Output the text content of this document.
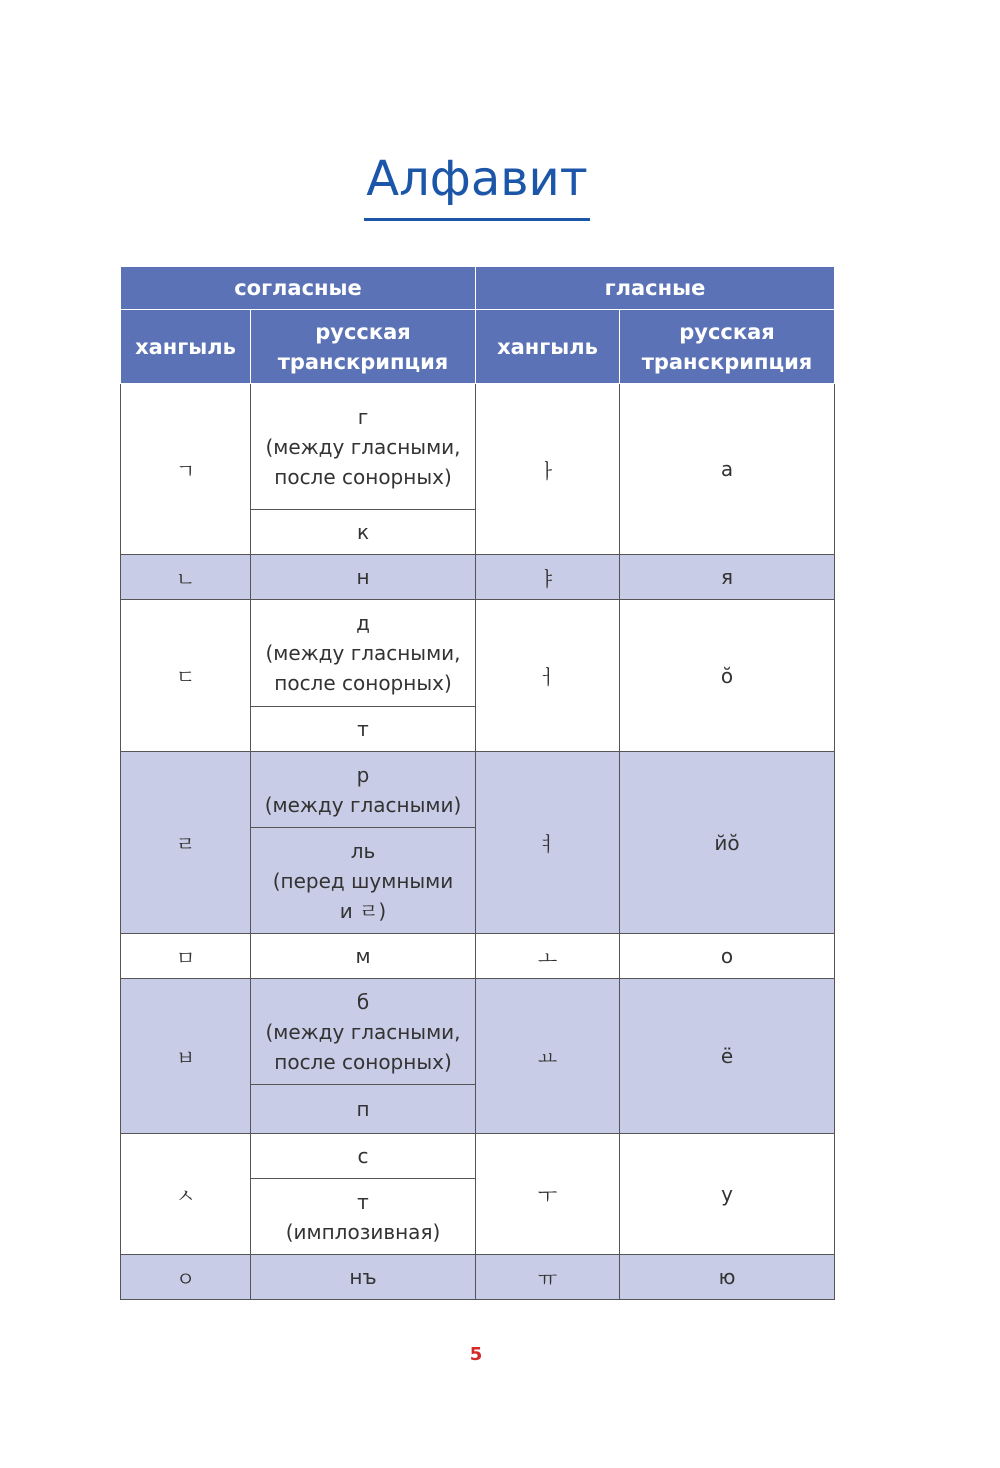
Алфавит
согласные		гласные	
хангыль	русская транскрипция	хангыль	русская транскрипция
ㄱ	г
(между гласными,
после сонорных)	ㅏ	а

	к		

ㄴ	н	ㅑ	я
ㄷ	д
(между гласными,
после сонорных)	ㅓ	ŏ

	т		

ㄹ	р
(между гласными)	ㅕ	йŏ

	ль
(перед шумными
и ㄹ)		

ㅁ	м	ㅗ	о
ㅂ	б
(между гласными,
после сонорных)	ㅛ	ё

	п		

ㅅ	с	ㅜ	у

	т
(имплозивная)		

ㅇ	нъ	ㅠ	ю
5
